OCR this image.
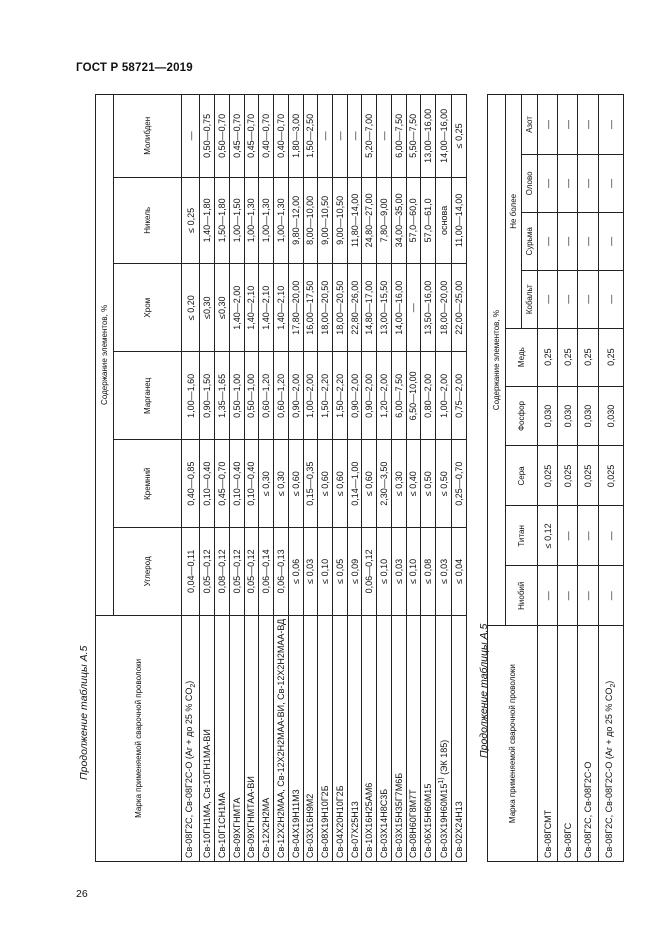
ГОСТ Р 58721—2019
26
Продолжение таблицы А.5	Продолжение таблицы А.5
Марка применяемой сварочной проволоки	Содержание элементов, %					
	Углерод	Кремний	Марганец	Хром	Никель	Молибден
Св-08Г2С, Св-08Г2С-О (Ar + до 25 % $CO_2$)	0,04—0,11	0,40—0,85	1,00—1,60	≤ 0,20	≤ 0,25	—
Св-10ГН1МА, Св-10ГН1МА-ВИ	0,05—0,12	0,10—0,40	0,90—1,50	≤0,30	1,40—1,80	0,50—0,75
Св-10Г1СН1МА	0,08—0,12	0,45—0,70	1,35—1,65	≤0,30	1,50—1,80	0,50—0,70
Св-09ХГНМТА	0,05—0,12	0,10—0,40	0,50—1,00	1,40—2,00	1,00—1,50	0,45—0,70
Св-09ХГНМТАА-ВИ	0,05—0,12	0,10—0,40	0,50—1,00	1,40—2,10	1,00—1,30	0,45—0,70
Св-12Х2Н2МА	0,06—0,14	≤ 0,30	0,60—1,20	1,40—2,10	1,00—1,30	0,40—0,70
Св-12Х2Н2МАА, Св-12Х2Н2МАА-ВИ, Св-12Х2Н2МАА-ВД	0,06—0,13	≤ 0,30	0,60—1,20	1,40—2,10	1,00—1,30	0,40—0,70
Св-04Х19Н11М3	≤ 0,06	≤ 0,60	0,90—2,00	17,80—20,00	9,80—12,00	1,80—3,00
Св-03Х16Н9М2	≤ 0,03	0,15—0,35	1,00—2,00	16,00—17,50	8,00—10,00	1,50—2,50
Св-08Х19Н10Г2Б	≤ 0,10	≤ 0,60	1,50—2,20	18,00—20,50	9,00—10,50	—
Св-04Х20Н10Г2Б	≤ 0,05	≤ 0,60	1,50—2,20	18,00—20,50	9,00—10,50	—
Св-07Х25Н13	≤ 0,09	0,14—1,00	0,90—2,00	22,80—26,00	11,80—14,00	—
Св-10Х16Н25АМ6	0,06—0,12	≤ 0,60	0,90—2,00	14,80—17,00	24,80—27,00	5,20—7,00
Св-03Х14Н8С3Б	≤ 0,10	2,30—3,50	1,20—2,00	13,00—15,50	7,80—9,00	—
Св-03Х15Н35Г7М6Б	≤ 0,03	≤ 0,30	6,00—7,50	14,00—16,00	34,00—35,00	6,00—7,50
Св-08Н60Г8М7Т	≤ 0,10	≤ 0,40	6,50—10,00	—	57,0—60,0	5,50—7,50
Св-06Х15Н60М15	≤ 0,08	≤ 0,50	0,80—2,00	13,50—16,00	57,0—61,0	13,00—16,00
Св-03Х19Н60М15$^{1)}$ (ЭК 185)	≤ 0,03	≤ 0,50	1,00—2,00	18,00—20,00	основа	14,00—16,00
Св-02Х24Н13	≤ 0,04	0,25—0,70	0,75—2,00	22,00—25,00	11,00—14,00	≤ 0,25
Марка применяемой сварочной проволоки	Содержание элементов, %								
	Ниобий	Титан	Сера	Фосфор	Медь	Не более			
						Кобальт	Сурьма	Олово	Азот
Св-08ГСМТ	—	≤ 0,12	0,025	0,030	0,25	—	—	—	—
Св-08ГС	—	—	0,025	0,030	0,25	—	—	—	—
Св-08Г2С, Св-08Г2С-О	—	—	0,025	0,030	0,25	—	—	—	—
Св-08Г2С, Св-08Г2С-О (Ar + до 25 % $CO_2$)	—	—	0,025	0,030	0,25	—	—	—	—
